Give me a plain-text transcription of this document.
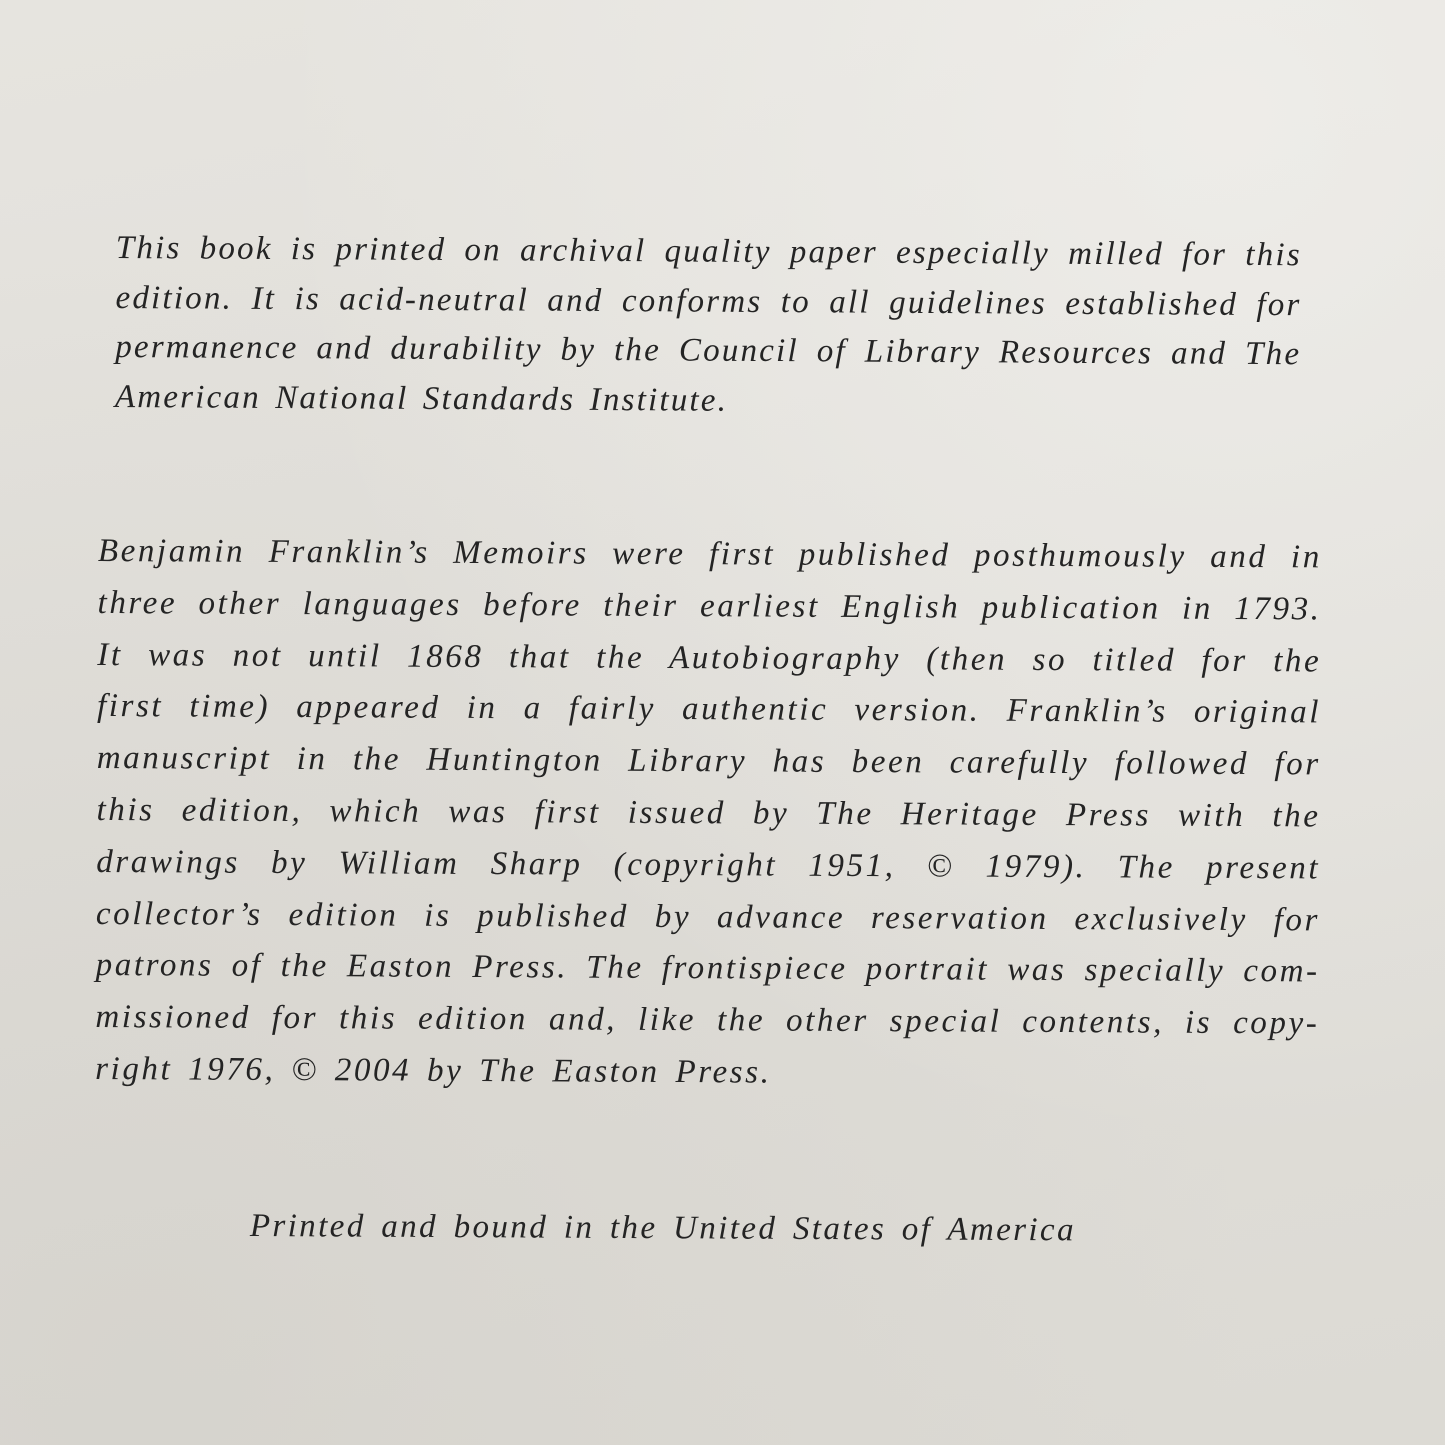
This book is printed on archival quality paper especially milled for this
edition. It is acid-neutral and conforms to all guidelines established for
permanence and durability by the Council of Library Resources and The
American National Standards Institute.

Benjamin Franklin’s Memoirs were first published posthumously and in
three other languages before their earliest English publication in 1793.
It was not until 1868 that the Autobiography (then so titled for the
first time) appeared in a fairly authentic version. Franklin’s original
manuscript in the Huntington Library has been carefully followed for
this edition, which was first issued by The Heritage Press with the
drawings by William Sharp (copyright 1951, © 1979). The present
collector’s edition is published by advance reservation exclusively for
patrons of the Easton Press. The frontispiece portrait was specially com-
missioned for this edition and, like the other special contents, is copy-
right 1976, © 2004 by The Easton Press.

Printed and bound in the United States of America
